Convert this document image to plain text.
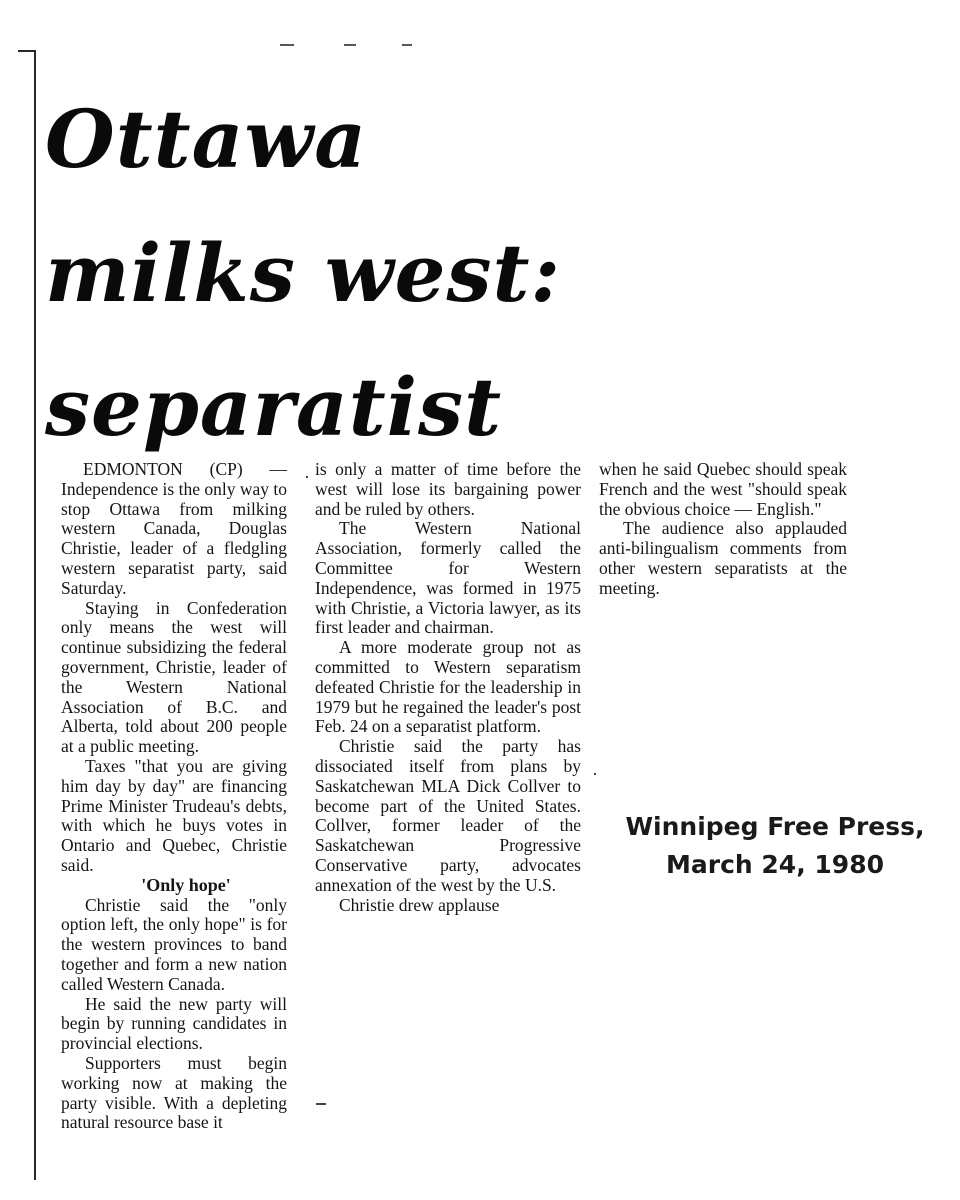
Ottawa
milks west:
separatist

EDMONTON (CP) — Independence is the only way to stop Ottawa from milking western Canada, Douglas Christie, leader of a fledgling western separatist party, said Saturday.

Staying in Confederation only means the west will continue subsidizing the federal government, Christie, leader of the Western National Association of B.C. and Alberta, told about 200 people at a public meeting.

Taxes "that you are giving him day by day" are financing Prime Minister Trudeau's debts, with which he buys votes in Ontario and Quebec, Christie said.

'Only hope'

Christie said the "only option left, the only hope" is for the western provinces to band together and form a new nation called Western Canada.

He said the new party will begin by running candidates in provincial elections.

Supporters must begin working now at making the party visible. With a depleting natural resource base it

is only a matter of time before the west will lose its bargaining power and be ruled by others.

The Western National Association, formerly called the Committee for Western Independence, was formed in 1975 with Christie, a Victoria lawyer, as its first leader and chairman.

A more moderate group not as committed to Western separatism defeated Christie for the leadership in 1979 but he regained the leader's post Feb. 24 on a separatist platform.

Christie said the party has dissociated itself from plans by Saskatchewan MLA Dick Collver to become part of the United States. Collver, former leader of the Saskatchewan Progressive Conservative party, advocates annexation of the west by the U.S.

Christie drew applause

when he said Quebec should speak French and the west "should speak the obvious choice — English."

The audience also applauded anti-bilingualism comments from other western separatists at the meeting.

Winnipeg Free Press,
March 24, 1980
